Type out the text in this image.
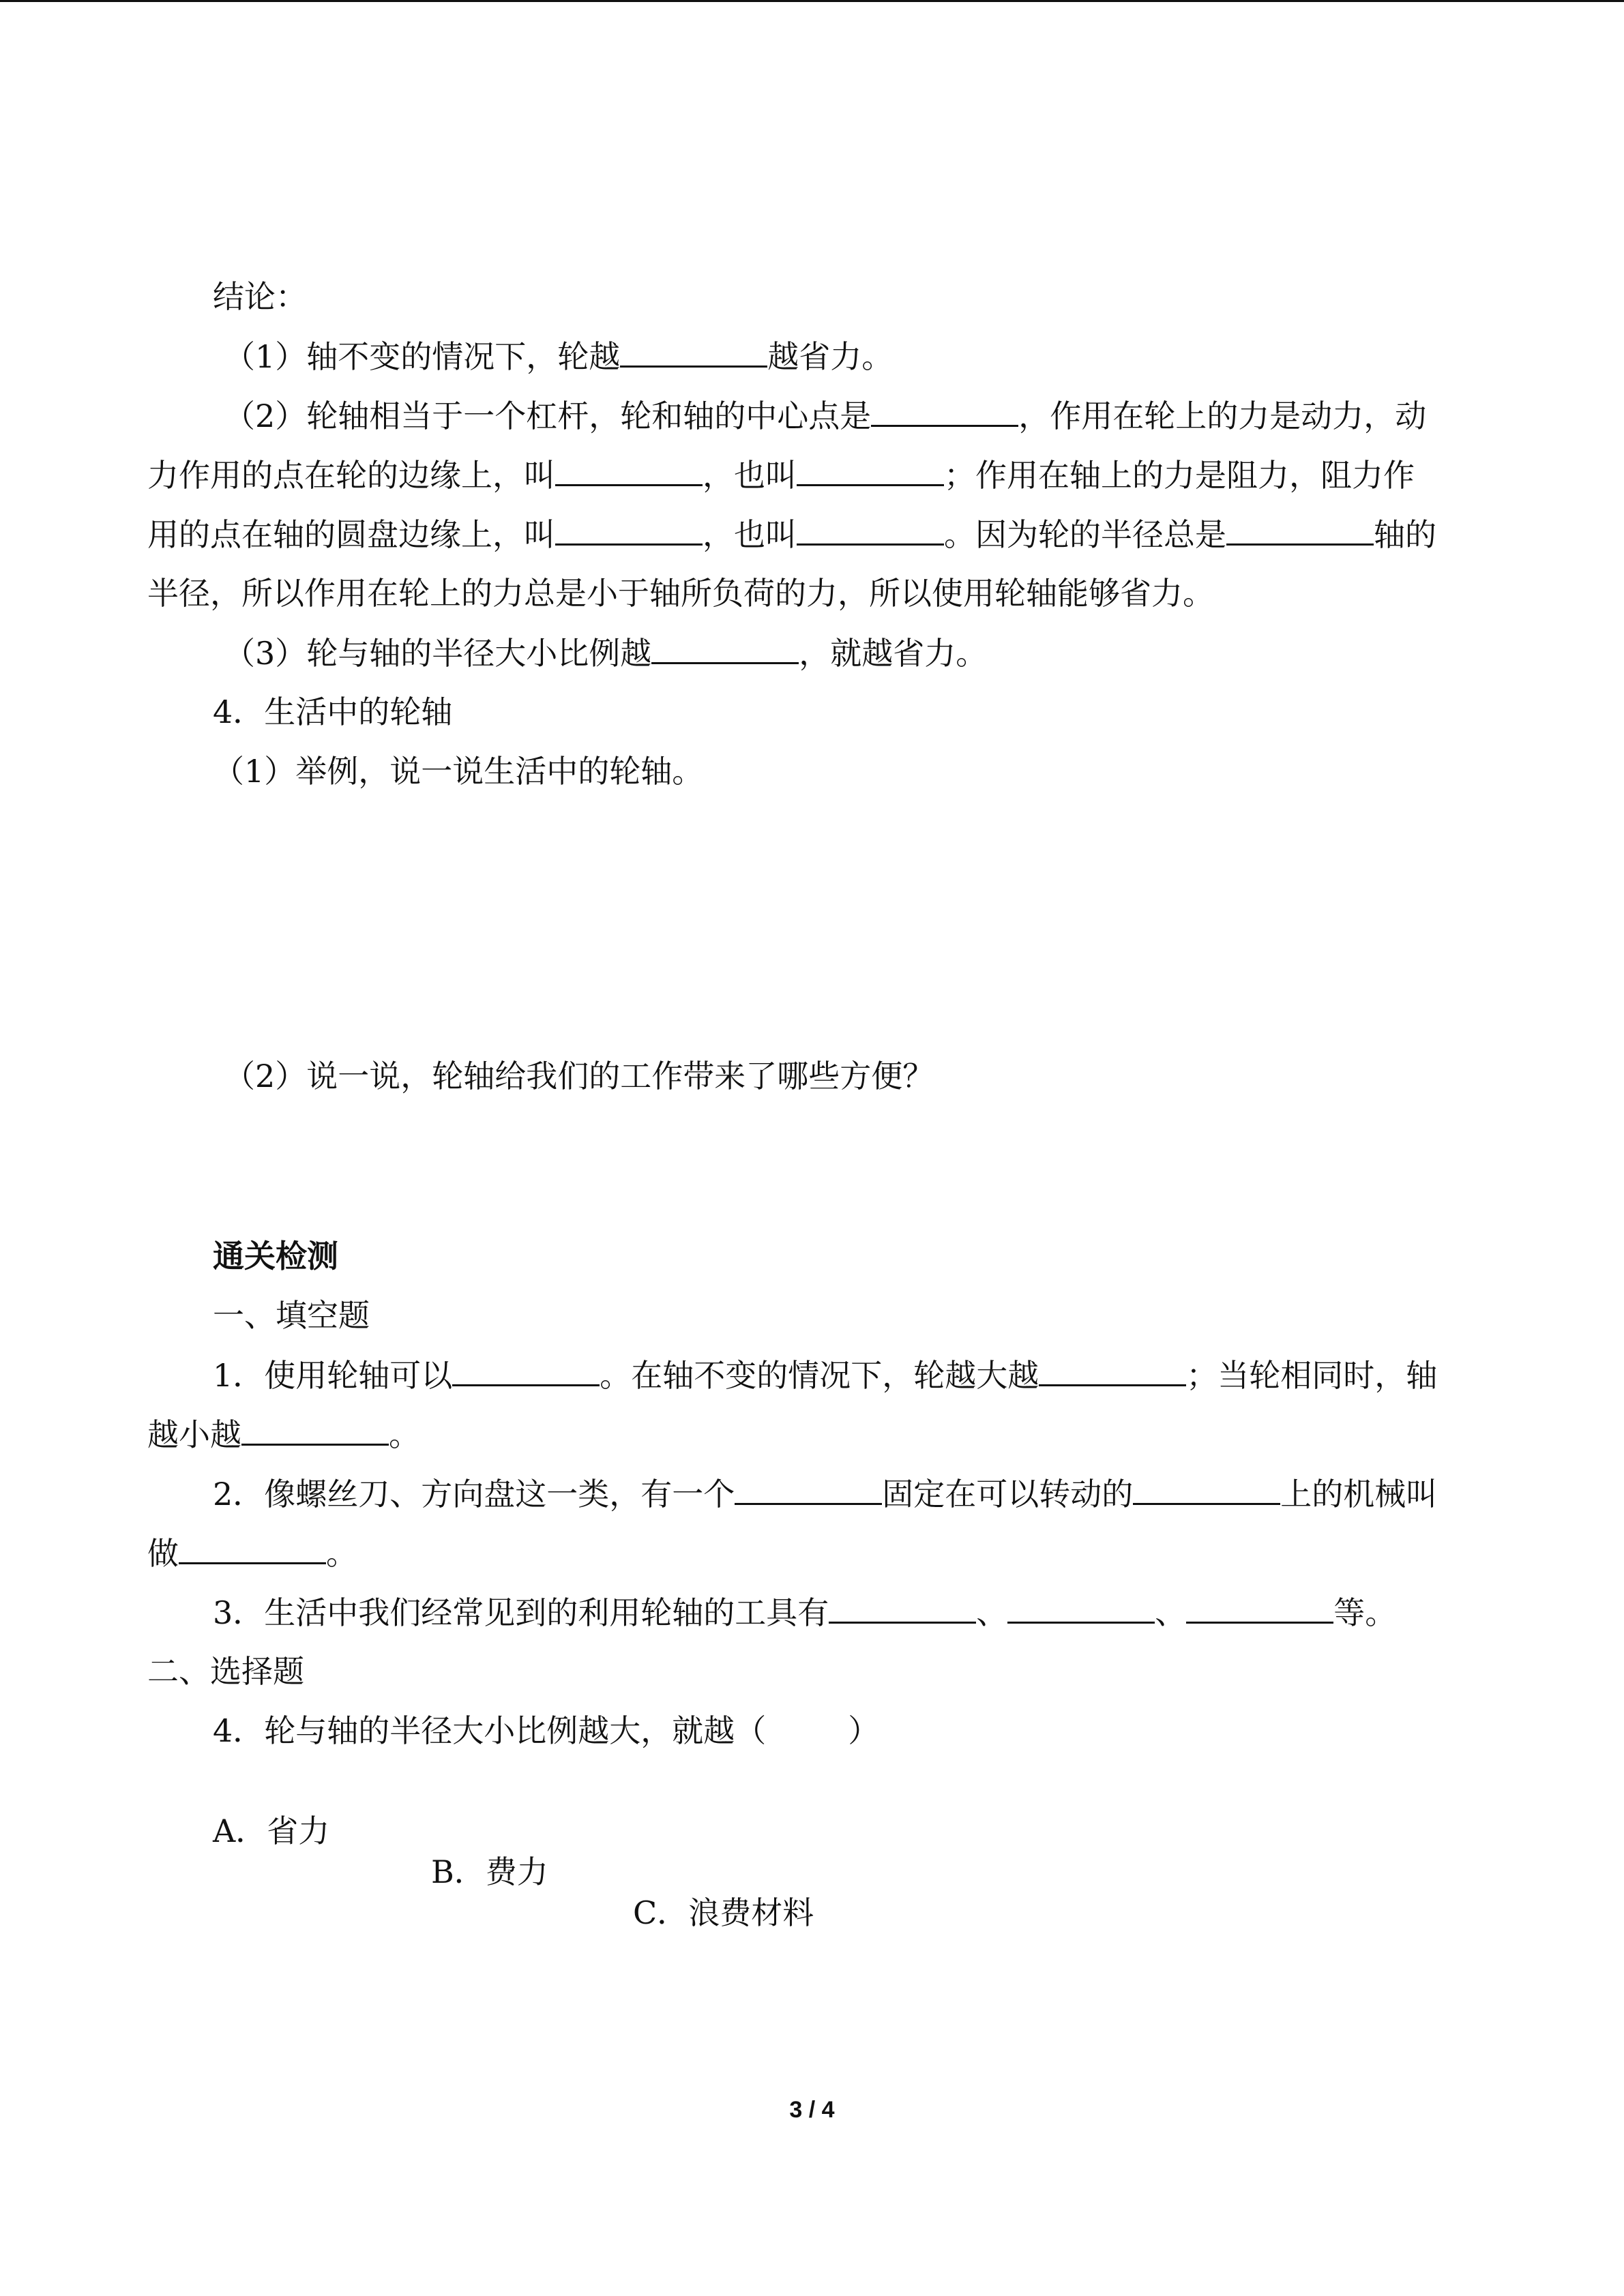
结论：
（1）轴不变的情况下，轮越	越省力。
（2）轮轴相当于一个杠杆，轮和轴的中心点是	，作用在轮上的力是动力，动
力作用的点在轮的边缘上，叫	，也叫	；作用在轴上的力是阻力，阻力作
用的点在轴的圆盘边缘上，叫	，也叫	。因为轮的半径总是	轴的
半径，所以作用在轮上的力总是小于轴所负荷的力，所以使用轮轴能够省力。
（3）轮与轴的半径大小比例越	，就越省力。
4．生活中的轮轴
（1）举例，说一说生活中的轮轴。
（2）说一说，轮轴给我们的工作带来了哪些方便？
通关检测
一、填空题
1．使用轮轴可以	。在轴不变的情况下，轮越大越	；当轮相同时，轴
越小越	。
2．像螺丝刀、方向盘这一类，有一个	固定在可以转动的	上的机械叫
做	。
3．生活中我们经常见到的利用轮轴的工具有	、	、	等。
二、选择题
4．轮与轴的半径大小比例越大，就越（	）

A．省力

B．费力

C．浪费材料

3 / 4
